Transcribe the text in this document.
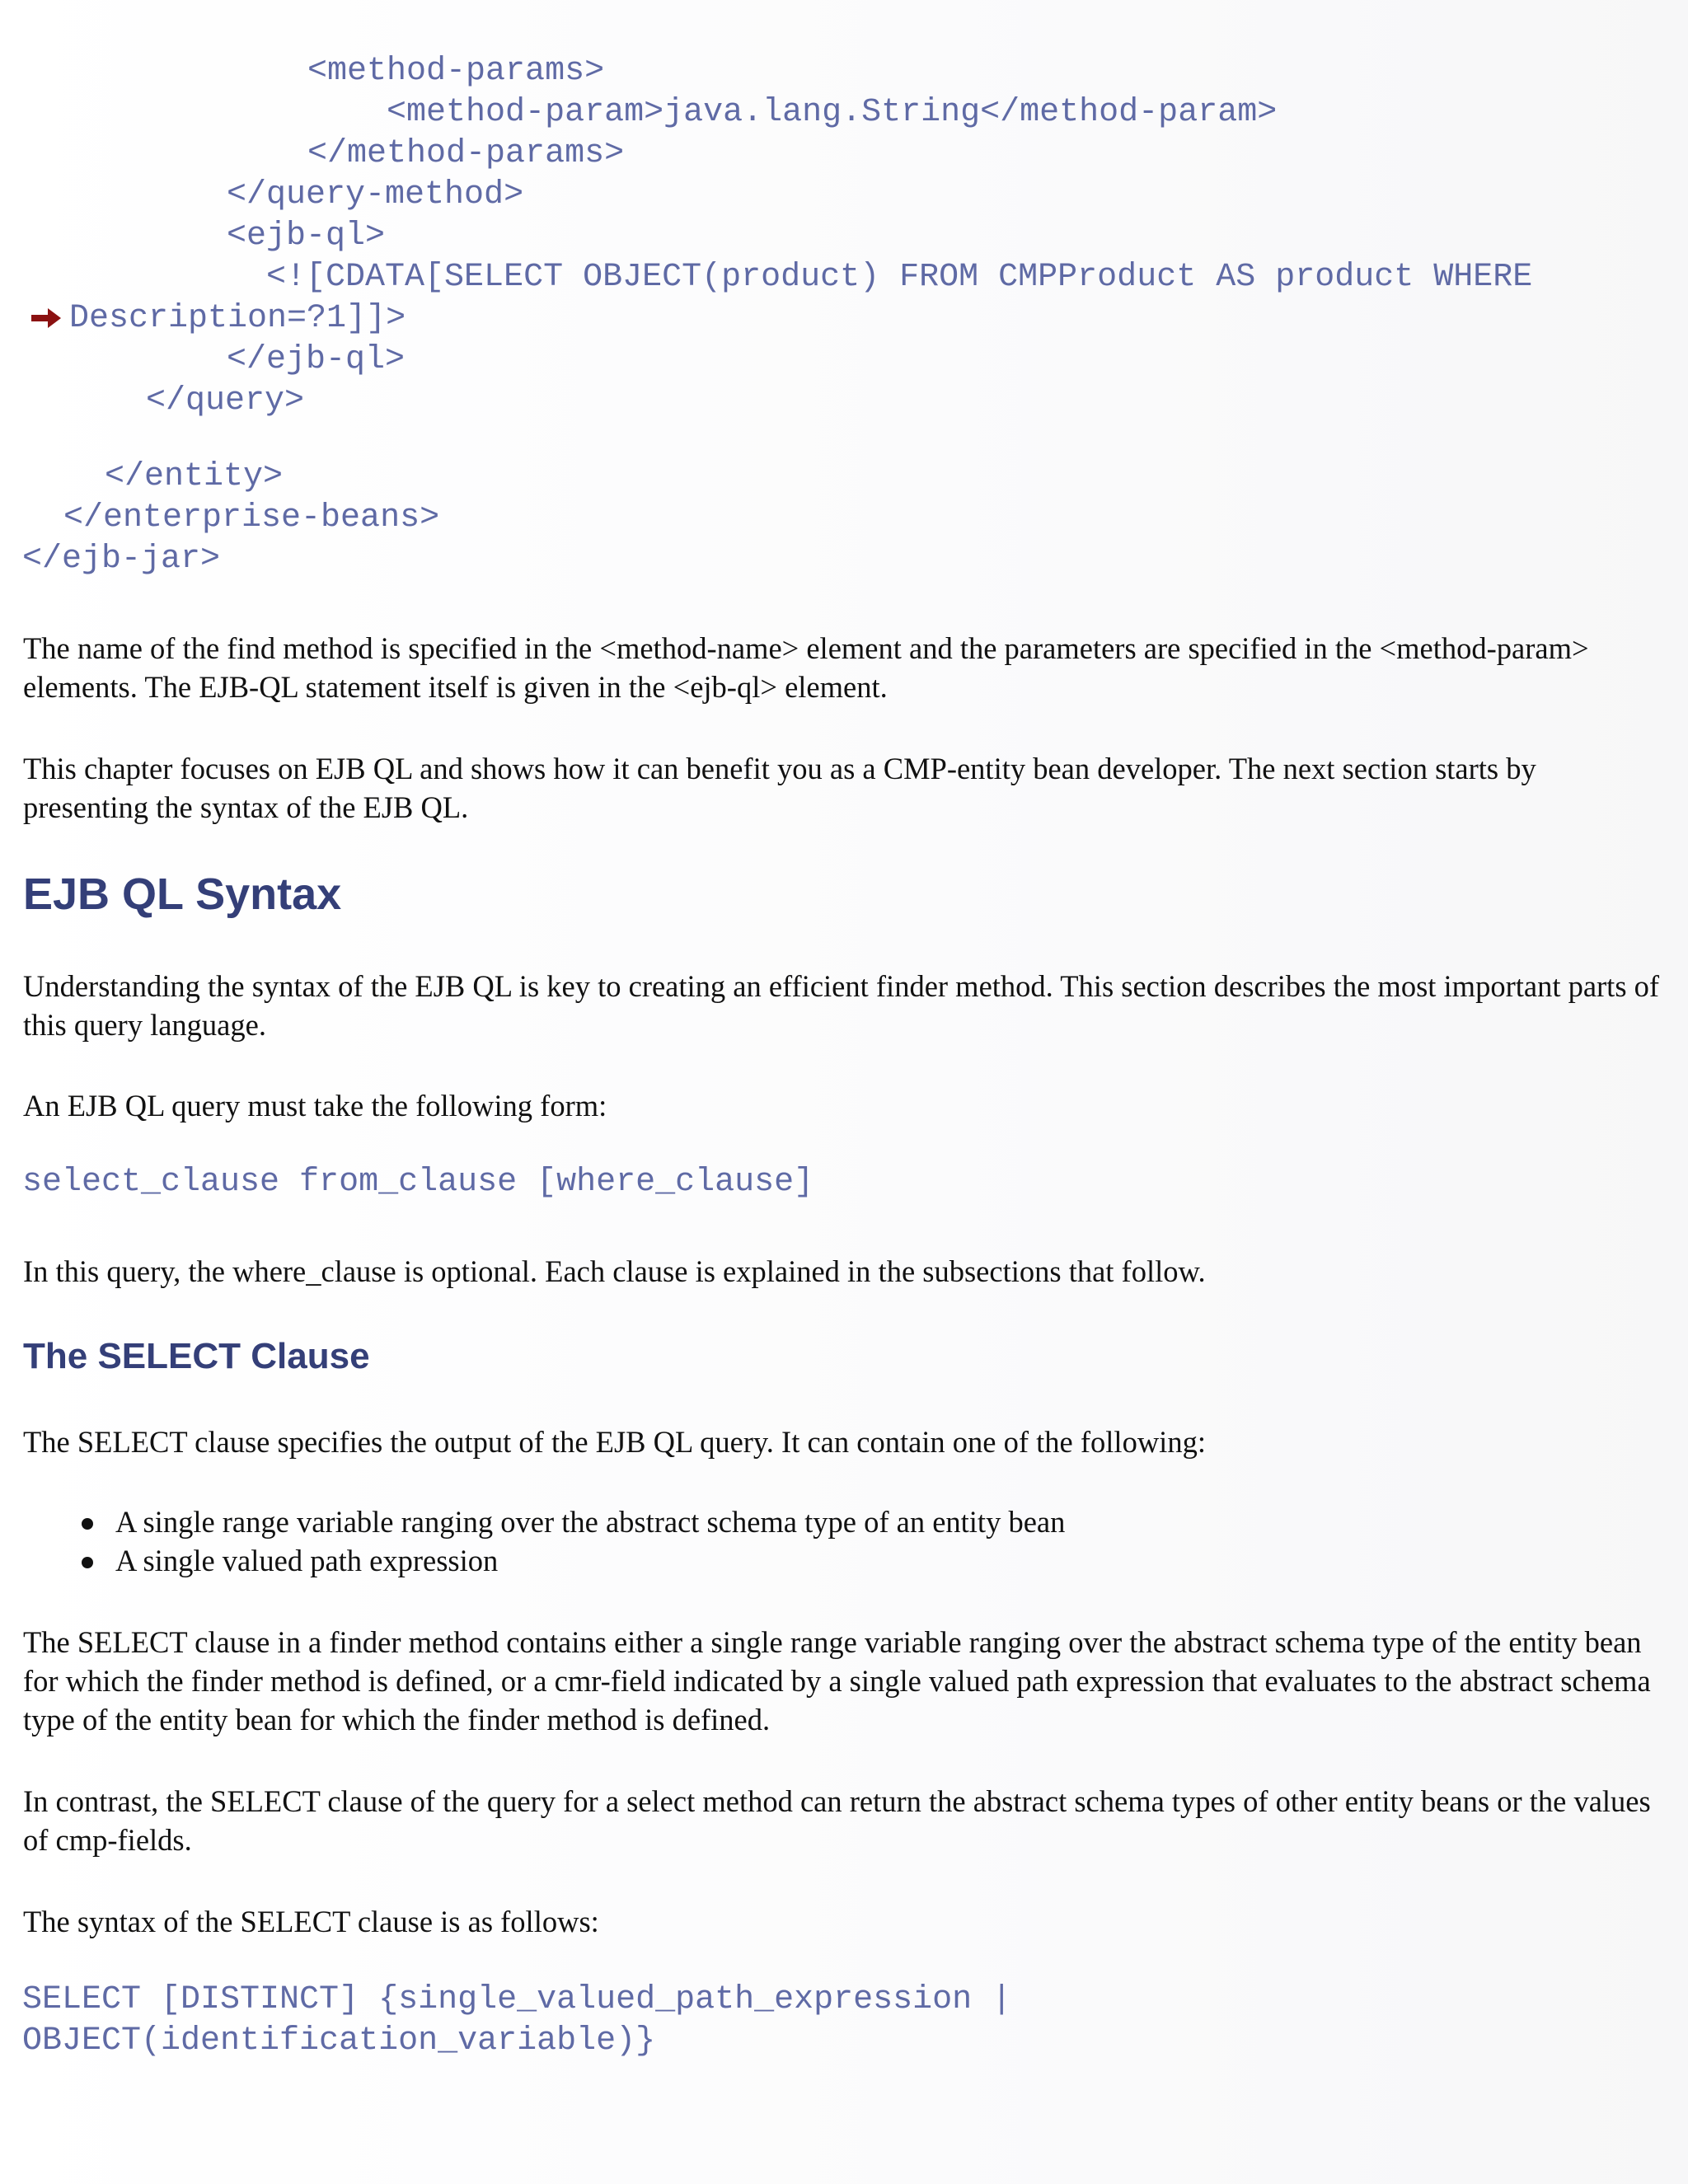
<method-params>
<method-param>java.lang.String</method-param>
</method-params>
</query-method>
<ejb-ql>
<![CDATA[SELECT OBJECT(product) FROM CMPProduct AS product WHERE
Description=?1]]>
</ejb-ql>
</query>
</entity>
</enterprise-beans>
</ejb-jar>
The name of the find method is specified in the <method-name> element and the parameters are specified in the <method-param> elements. The EJB-QL statement itself is given in the <ejb-ql> element.
This chapter focuses on EJB QL and shows how it can benefit you as a CMP-entity bean developer. The next section starts by presenting the syntax of the EJB QL.
EJB QL Syntax
Understanding the syntax of the EJB QL is key to creating an efficient finder method. This section describes the most important parts of this query language.
An EJB QL query must take the following form:
select_clause from_clause [where_clause]
In this query, the where_clause is optional. Each clause is explained in the subsections that follow.
The SELECT Clause
The SELECT clause specifies the output of the EJB QL query. It can contain one of the following:
A single range variable ranging over the abstract schema type of an entity bean
A single valued path expression
The SELECT clause in a finder method contains either a single range variable ranging over the abstract schema type of the entity bean for which the finder method is defined, or a cmr-field indicated by a single valued path expression that evaluates to the abstract schema type of the entity bean for which the finder method is defined.
In contrast, the SELECT clause of the query for a select method can return the abstract schema types of other entity beans or the values of cmp-fields.
The syntax of the SELECT clause is as follows:
SELECT [DISTINCT] {single_valued_path_expression |
OBJECT(identification_variable)}
